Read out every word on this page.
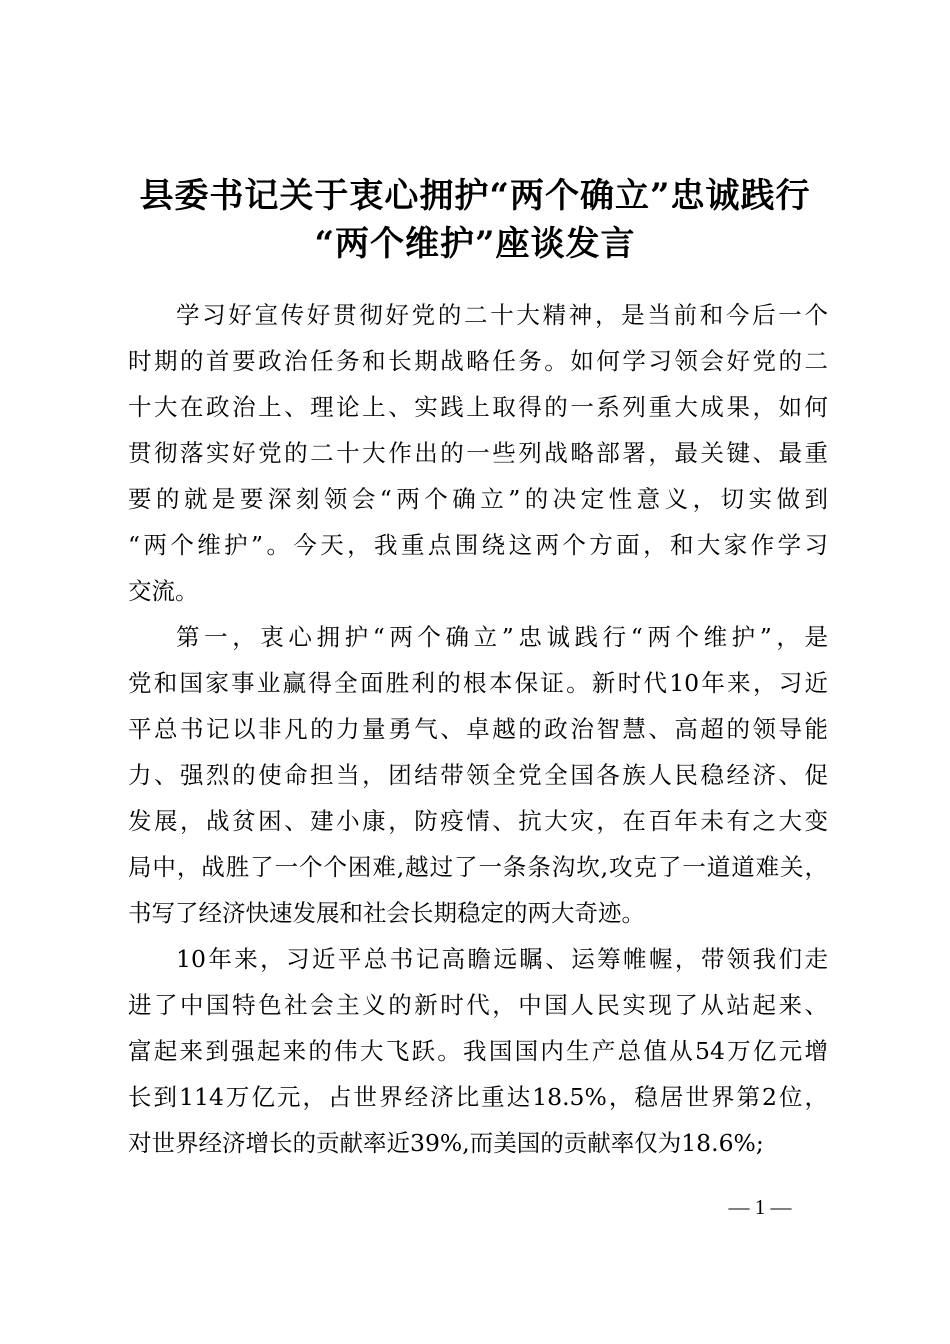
县委书记关于衷心拥护“两个确立”忠诚践行
“两个维护”座谈发言

学习好宣传好贯彻好党的二十大精神，是当前和今后一个
时期的首要政治任务和长期战略任务。如何学习领会好党的二
十大在政治上、理论上、实践上取得的一系列重大成果，如何
贯彻落实好党的二十大作出的一些列战略部署，最关键、最重
要的就是要深刻领会“两个确立”的决定性意义，切实做到
“两个维护”。今天，我重点围绕这两个方面，和大家作学习
交流。

第一，衷心拥护“两个确立”忠诚践行“两个维护”，是
党和国家事业赢得全面胜利的根本保证。新时代10年来，习近
平总书记以非凡的力量勇气、卓越的政治智慧、高超的领导能
力、强烈的使命担当，团结带领全党全国各族人民稳经济、促
发展，战贫困、建小康，防疫情、抗大灾，在百年未有之大变
局中，战胜了一个个困难,越过了一条条沟坎,攻克了一道道难关，
书写了经济快速发展和社会长期稳定的两大奇迹。

10年来，习近平总书记高瞻远瞩、运筹帷幄，带领我们走
进了中国特色社会主义的新时代，中国人民实现了从站起来、
富起来到强起来的伟大飞跃。我国国内生产总值从54万亿元增
长到114万亿元，占世界经济比重达18.5%，稳居世界第2位，
对世界经济增长的贡献率近39%,而美国的贡献率仅为18.6%;

— 1 —
